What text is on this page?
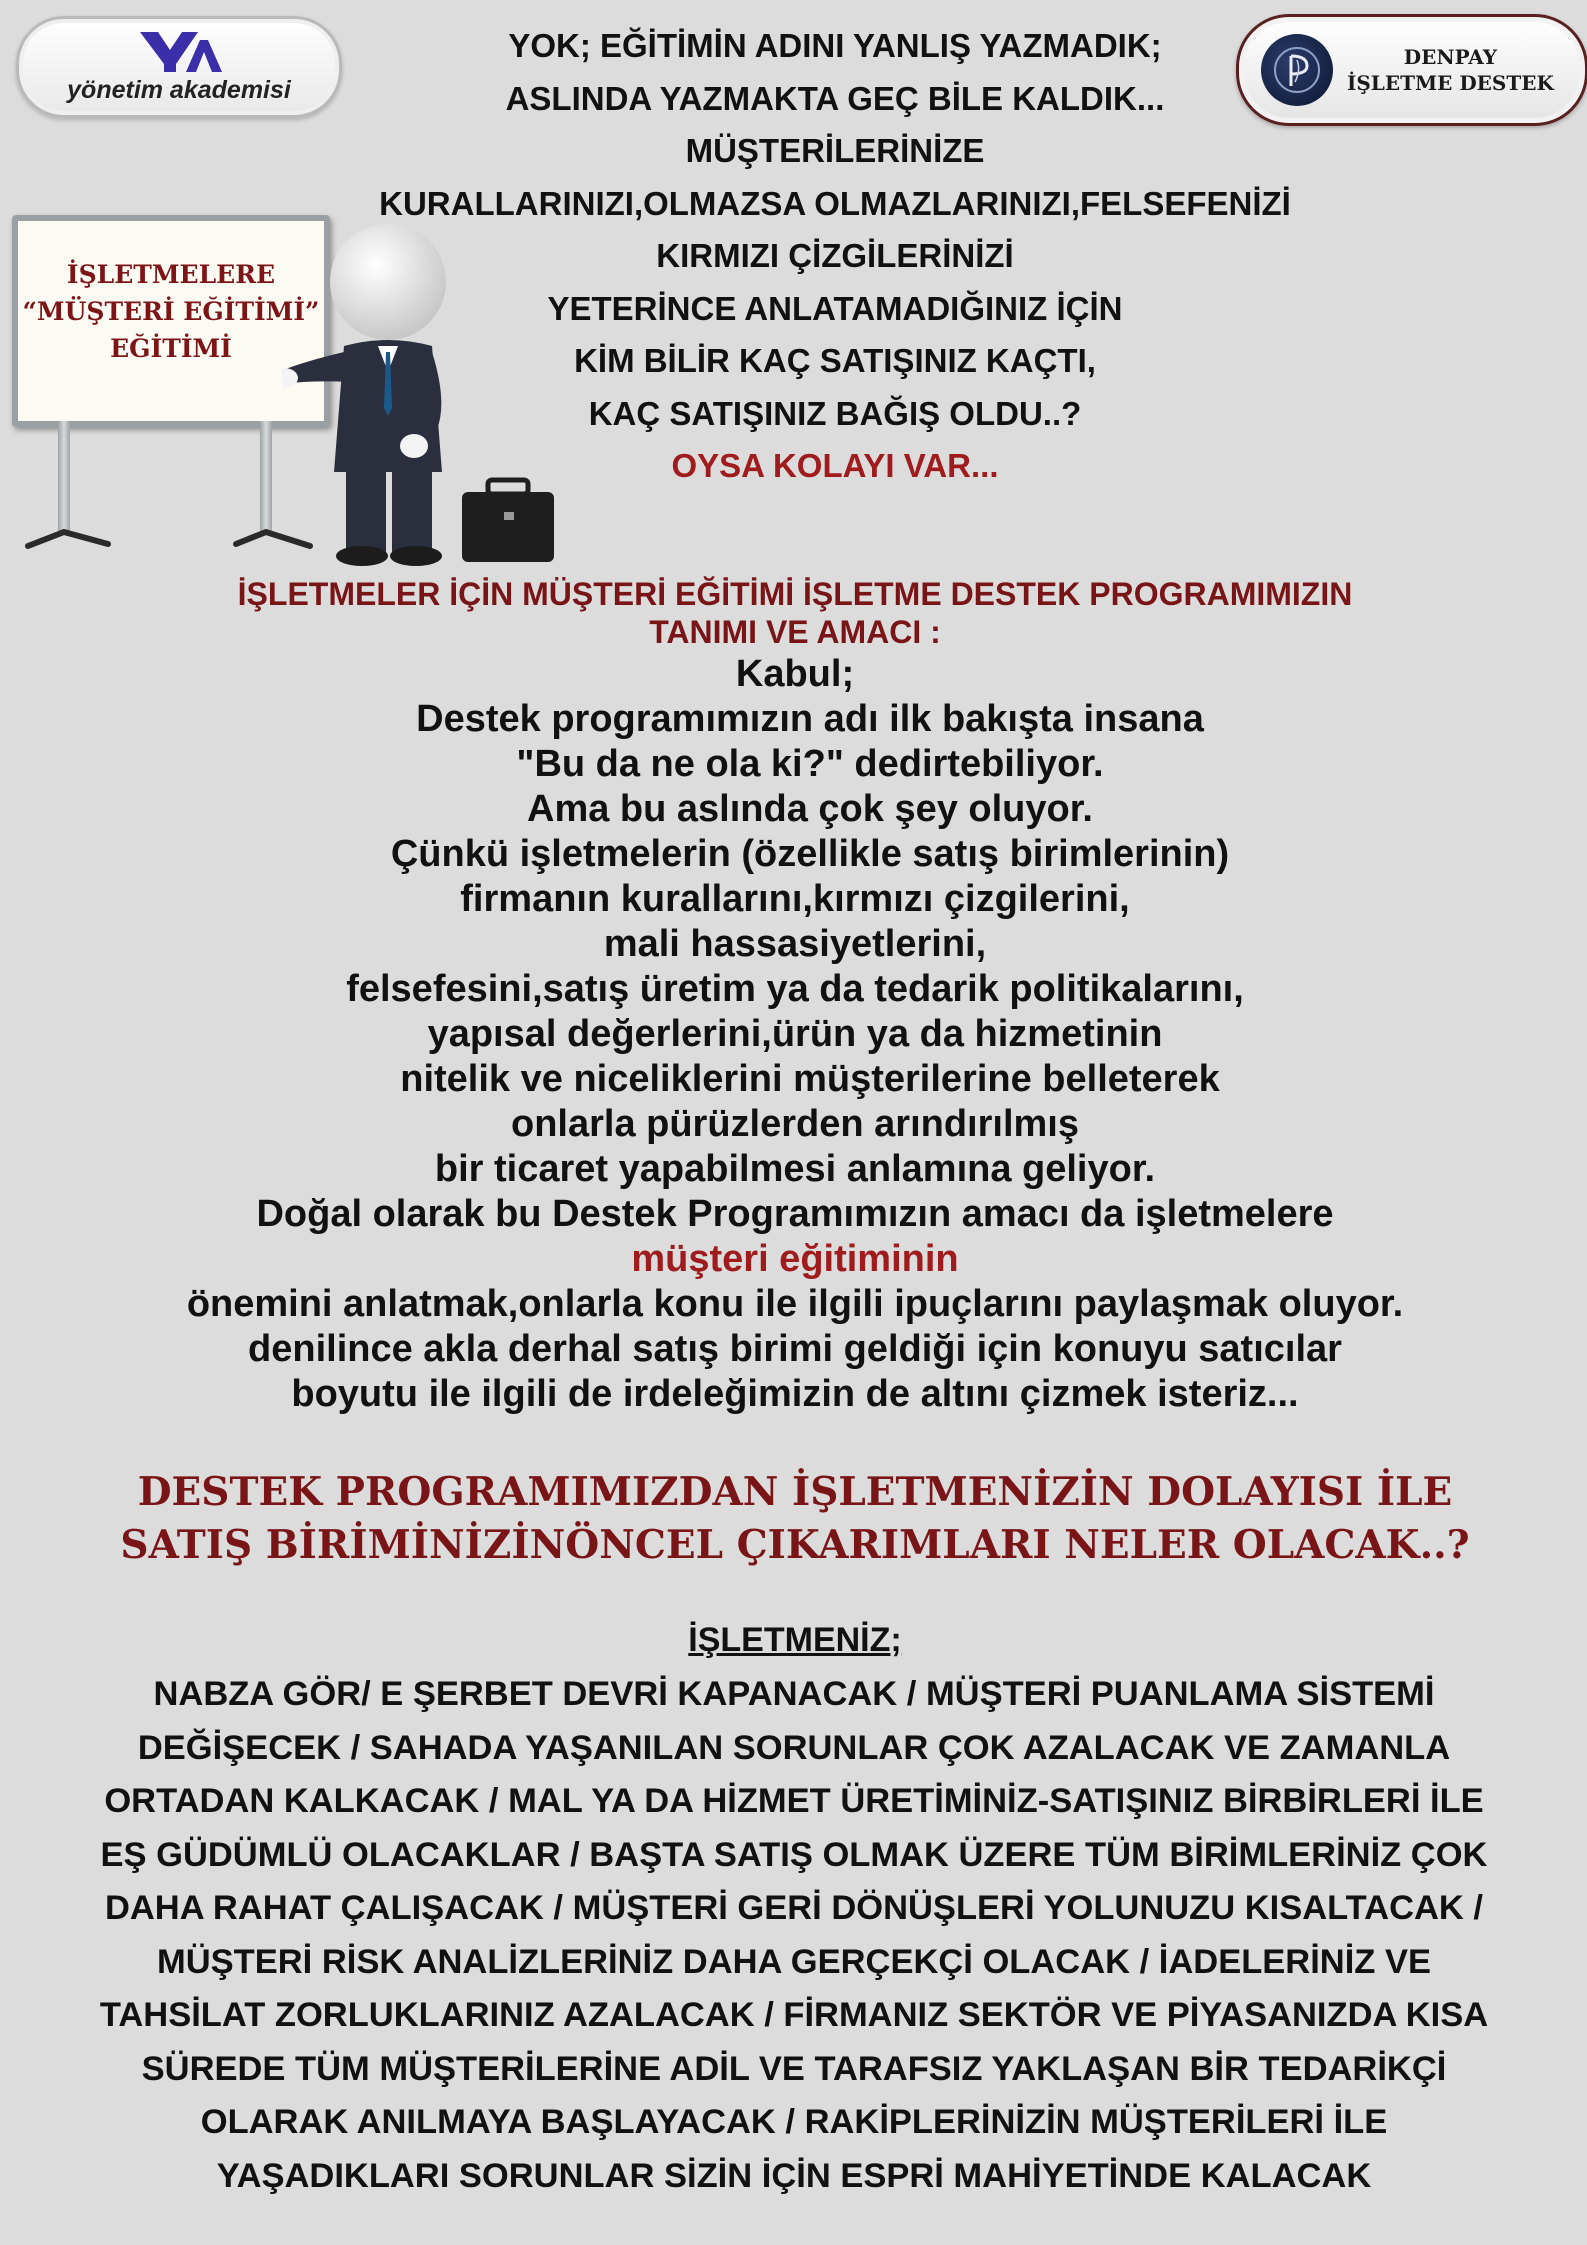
yönetim akademisi
DENPAY
İŞLETME DESTEK
İŞLETMELERE
“MÜŞTERİ EĞİTİMİ”
EĞİTİMİ
YOK; EĞİTİMİN ADINI YANLIŞ YAZMADIK;
ASLINDA YAZMAKTA GEÇ BİLE KALDIK...
MÜŞTERİLERİNİZE
KURALLARINIZI,OLMAZSA OLMAZLARINIZI,FELSEFENİZİ
KIRMIZI ÇİZGİLERİNİZİ
YETERİNCE ANLATAMADIĞINIZ İÇİN
KİM BİLİR KAÇ SATIŞINIZ KAÇTI,
KAÇ SATIŞINIZ BAĞIŞ OLDU..?
OYSA KOLAYI VAR...
İŞLETMELER İÇİN MÜŞTERİ EĞİTİMİ İŞLETME DESTEK PROGRAMIMIZIN
TANIMI VE AMACI :
Kabul;
Destek programımızın adı ilk bakışta insana
"Bu da ne ola ki?" dedirtebiliyor.
Ama bu aslında çok şey oluyor.
Çünkü işletmelerin (özellikle satış birimlerinin)
firmanın kurallarını,kırmızı çizgilerini,
mali hassasiyetlerini,
felsefesini,satış üretim ya da tedarik politikalarını,
yapısal değerlerini,ürün ya da hizmetinin
nitelik ve niceliklerini müşterilerine belleterek
onlarla pürüzlerden arındırılmış
bir ticaret yapabilmesi anlamına geliyor.
Doğal olarak bu Destek Programımızın amacı da işletmelere
müşteri eğitiminin
önemini anlatmak,onlarla konu ile ilgili ipuçlarını paylaşmak oluyor.
denilince akla derhal satış birimi geldiği için konuyu satıcılar
boyutu ile ilgili de irdeleğimizin de altını çizmek isteriz...
DESTEK PROGRAMIMIZDAN İŞLETMENİZİN DOLAYISI İLE
SATIŞ BİRİMİNİZİNÖNCEL ÇIKARIMLARI NELER OLACAK..?
İŞLETMENİZ;
NABZA GÖR/ E ŞERBET DEVRİ KAPANACAK / MÜŞTERİ PUANLAMA SİSTEMİ
DEĞİŞECEK / SAHADA YAŞANILAN SORUNLAR ÇOK AZALACAK VE ZAMANLA
ORTADAN KALKACAK / MAL YA DA HİZMET ÜRETİMİNİZ-SATIŞINIZ BİRBİRLERİ İLE
EŞ GÜDÜMLÜ OLACAKLAR / BAŞTA SATIŞ OLMAK ÜZERE TÜM BİRİMLERİNİZ ÇOK
DAHA RAHAT ÇALIŞACAK / MÜŞTERİ GERİ DÖNÜŞLERİ YOLUNUZU KISALTACAK /
MÜŞTERİ RİSK ANALİZLERİNİZ DAHA GERÇEKÇİ OLACAK / İADELERİNİZ VE
TAHSİLAT ZORLUKLARINIZ AZALACAK / FİRMANIZ SEKTÖR VE PİYASANIZDA KISA
SÜREDE TÜM MÜŞTERİLERİNE ADİL VE TARAFSIZ YAKLAŞAN BİR TEDARİKÇİ
OLARAK ANILMAYA BAŞLAYACAK / RAKİPLERİNİZİN MÜŞTERİLERİ İLE
YAŞADIKLARI SORUNLAR SİZİN İÇİN ESPRİ MAHİYETİNDE KALACAK
